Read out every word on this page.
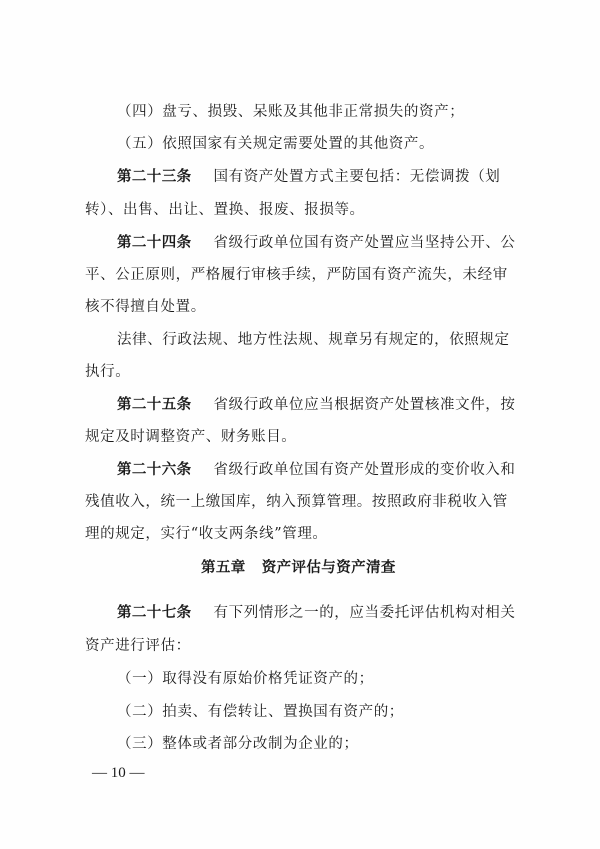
（四）盘亏、损毁、呆账及其他非正常损失的资产；
（五）依照国家有关规定需要处置的其他资产。
第二十三条 国有资产处置方式主要包括：无偿调拨（划
转）、出售、出让、置换、报废、报损等。
第二十四条 省级行政单位国有资产处置应当坚持公开、公
平、公正原则，严格履行审核手续，严防国有资产流失，未经审
核不得擅自处置。
法律、行政法规、地方性法规、规章另有规定的，依照规定
执行。
第二十五条 省级行政单位应当根据资产处置核准文件，按
规定及时调整资产、财务账目。
第二十六条 省级行政单位国有资产处置形成的变价收入和
残值收入，统一上缴国库，纳入预算管理。按照政府非税收入管
理的规定，实行“收支两条线”管理。
第五章 资产评估与资产清查
第二十七条 有下列情形之一的，应当委托评估机构对相关
资产进行评估：
（一）取得没有原始价格凭证资产的；
（二）拍卖、有偿转让、置换国有资产的；
（三）整体或者部分改制为企业的；
— 10 —
